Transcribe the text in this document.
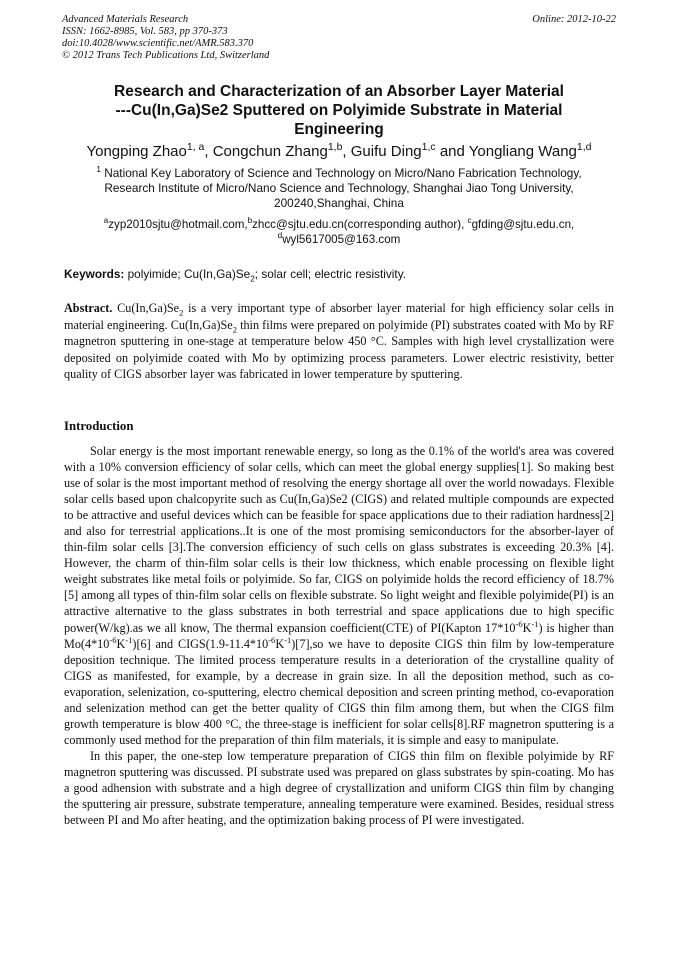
Advanced Materials Research
ISSN: 1662-8985, Vol. 583, pp 370-373
doi:10.4028/www.scientific.net/AMR.583.370
© 2012 Trans Tech Publications Ltd, Switzerland
Online: 2012-10-22
Research and Characterization of an Absorber Layer Material
---Cu(In,Ga)Se2 Sputtered on Polyimide Substrate in Material
Engineering
Yongping Zhao$^{1, a}$, Congchun Zhang$^{1,b}$, Guifu Ding$^{1,c}$ and Yongliang Wang$^{1,d}$
$^1$ National Key Laboratory of Science and Technology on Micro/Nano Fabrication Technology,
Research Institute of Micro/Nano Science and Technology, Shanghai Jiao Tong University,
200240,Shanghai, China
$^a$zyp2010sjtu@hotmail.com,$^b$zhcc@sjtu.edu.cn(corresponding author), $^c$gfding@sjtu.edu.cn,
$^d$wyl5617005@163.com
Keywords: polyimide; $Cu(In,Ga)Se_2$; solar cell; electric resistivity.
Abstract. $Cu(In,Ga)Se_2$ is a very important type of absorber layer material for high efficiency solar cells in material engineering. $Cu(In,Ga)Se_2$ thin films were prepared on polyimide (PI) substrates coated with Mo by RF magnetron sputtering in one-stage at temperature below 450 °C. Samples with high level crystallization were deposited on polyimide coated with Mo by optimizing process parameters. Lower electric resistivity, better quality of CIGS absorber layer was fabricated in lower temperature by sputtering.
Introduction

Solar energy is the most important renewable energy, so long as the 0.1% of the world's area was covered with a 10% conversion efficiency of solar cells, which can meet the global energy supplies[1]. So making best use of solar is the most important method of resolving the energy shortage all over the world nowadays. Flexible solar cells based upon chalcopyrite such as Cu(In,Ga)Se2 (CIGS) and related multiple compounds are expected to be attractive and useful devices which can be feasible for space applications due to their radiation hardness[2] and also for terrestrial applications..It is one of the most promising semiconductors for the absorber-layer of thin-film solar cells [3].The conversion efficiency of such cells on glass substrates is exceeding 20.3% [4]. However, the charm of thin-film solar cells is their low thickness, which enable processing on flexible light weight substrates like metal foils or polyimide. So far, CIGS on polyimide holds the record efficiency of 18.7%[5] among all types of thin-film solar cells on flexible substrate. So light weight and flexible polyimide(PI) is an attractive alternative to the glass substrates in both terrestrial and space applications due to high specific power(W/kg).as we all know, The thermal expansion coefficient(CTE) of PI(Kapton $17*10^{-6}K^{-1}$) is higher than $Mo(4*10^{-6}K^{-1})[6]$ and $CIGS(1.9-11.4*10^{-6}K^{-1})[7],so$ we have to deposite CIGS thin film by low-temperature deposition technique. The limited process temperature results in a deterioration of the crystalline quality of CIGS as manifested, for example, by a decrease in grain size. In all the deposition method, such as co-evaporation, selenization, co-sputtering, electro chemical deposition and screen printing method, co-evaporation and selenization method can get the better quality of CIGS thin film among them, but when the CIGS film growth temperature is blow 400 °C, the three-stage is inefficient for solar cells[8].RF magnetron sputtering is a commonly used method for the preparation of thin film materials, it is simple and easy to manipulate.

In this paper, the one-step low temperature preparation of CIGS thin film on flexible polyimide by RF magnetron sputtering was discussed. PI substrate used was prepared on glass substrates by spin-coating. Mo has a good adhension with substrate and a high degree of crystallization and uniform CIGS thin film by changing the sputtering air pressure, substrate temperature, annealing temperature were examined. Besides, residual stress between PI and Mo after heating, and the optimization baking process of PI were investigated.
